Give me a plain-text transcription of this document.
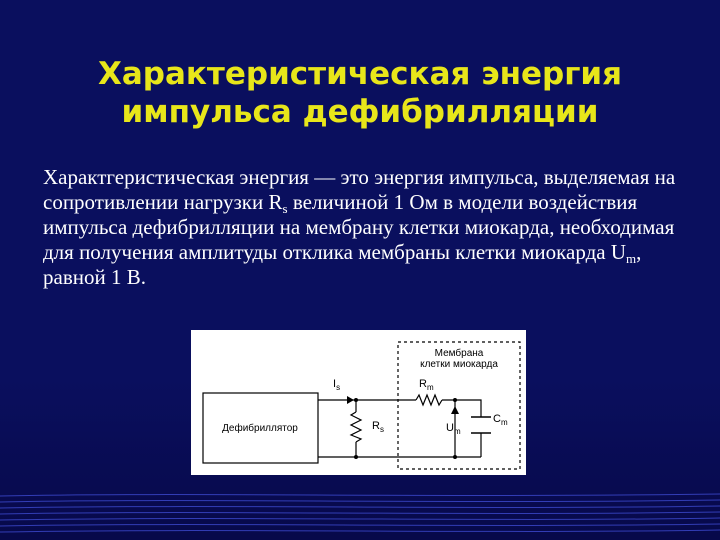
Характеристическая энергия
импульса дефибрилляции
Характгеристическая энергия — это энергия импульса, выделяемая на сопротивлении нагрузки $R_s$ величиной 1 Ом в модели воздействия импульса дефибрилляции на мембрану клетки миокарда, необходимая для получения амплитуды отклика мембраны клетки миокарда $U_m$, равной 1 В.
Мембрана
клетки миокарда
Дефибриллятор
$I_s$
$R_s$
$R_m$
$U_m$
$C_m$
